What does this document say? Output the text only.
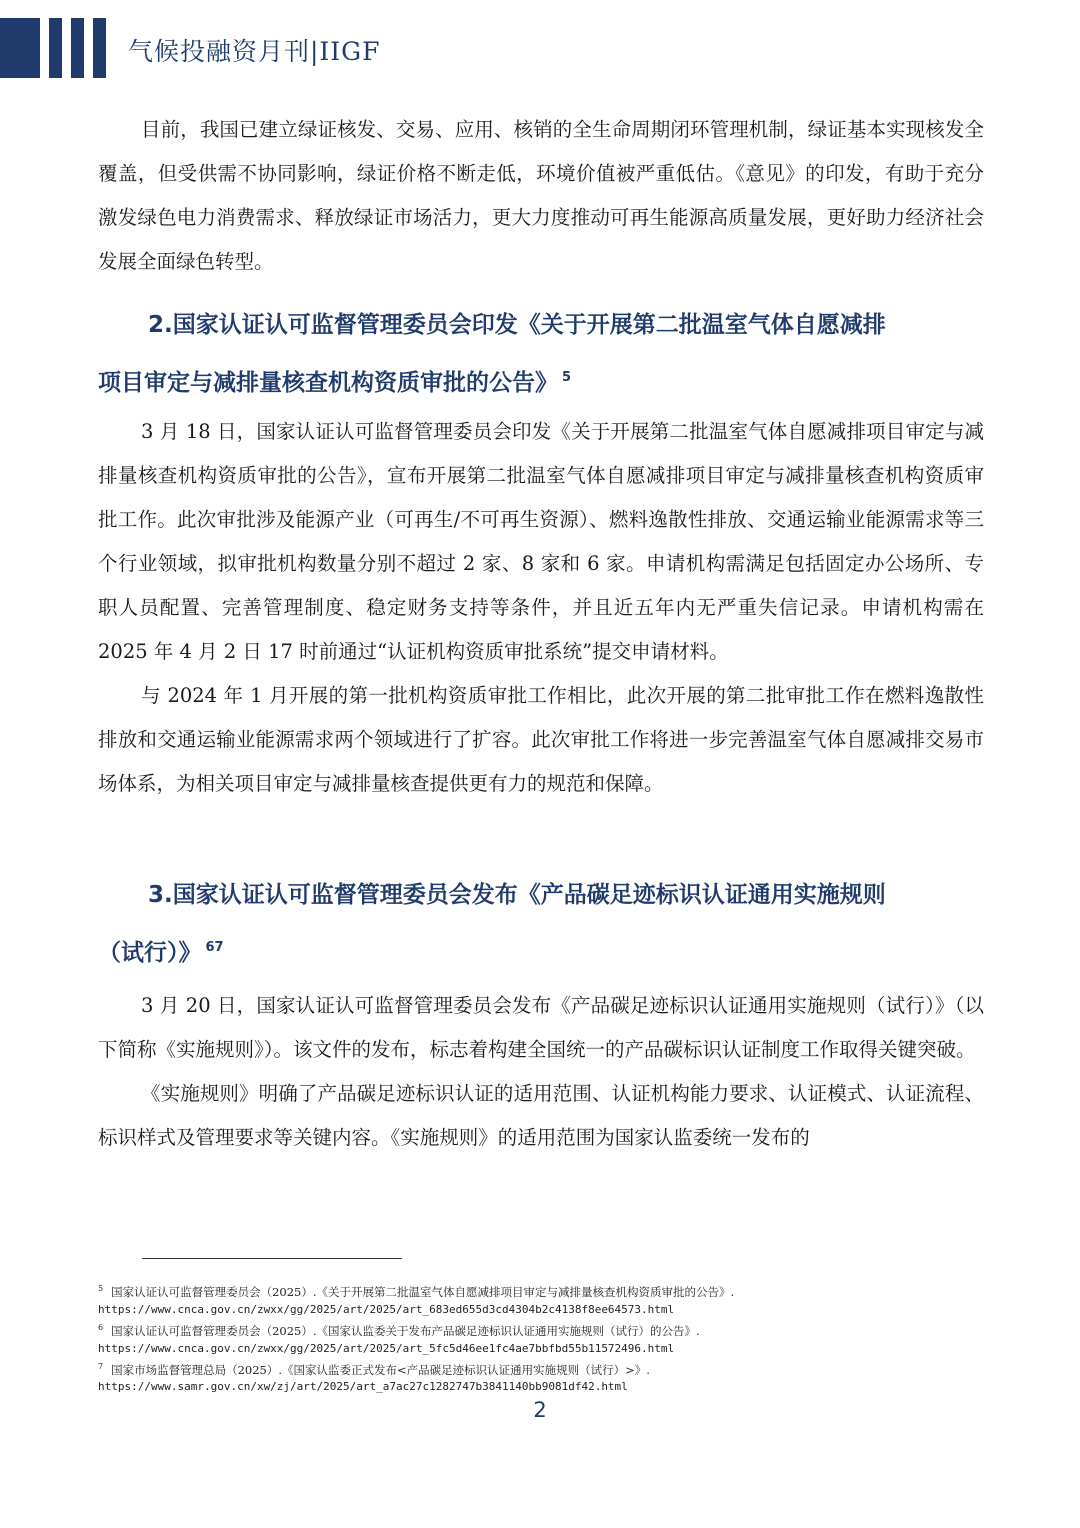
气候投融资月刊|IIGF

目前，我国已建立绿证核发、交易、应用、核销的全生命周期闭环管理机制，绿证基本实现核发全覆盖，但受供需不协同影响，绿证价格不断走低，环境价值被严重低估。《意见》的印发，有助于充分激发绿色电力消费需求、释放绿证市场活力，更大力度推动可再生能源高质量发展，更好助力经济社会发展全面绿色转型。

2.国家认证认可监督管理委员会印发《关于开展第二批温室气体自愿减排

项目审定与减排量核查机构资质审批的公告》 $^5$

3 月 18 日，国家认证认可监督管理委员会印发《关于开展第二批温室气体自愿减排项目审定与减排量核查机构资质审批的公告》，宣布开展第二批温室气体自愿减排项目审定与减排量核查机构资质审批工作。此次审批涉及能源产业（可再生/不可再生资源）、燃料逸散性排放、交通运输业能源需求等三个行业领域，拟审批机构数量分别不超过 2 家、8 家和 6 家。申请机构需满足包括固定办公场所、专职人员配置、完善管理制度、稳定财务支持等条件，并且近五年内无严重失信记录。申请机构需在 2025 年 4 月 2 日 17 时前通过“认证机构资质审批系统”提交申请材料。

与 2024 年 1 月开展的第一批机构资质审批工作相比，此次开展的第二批审批工作在燃料逸散性排放和交通运输业能源需求两个领域进行了扩容。此次审批工作将进一步完善温室气体自愿减排交易市场体系，为相关项目审定与减排量核查提供更有力的规范和保障。

3.国家认证认可监督管理委员会发布《产品碳足迹标识认证通用实施规则

（试行）》 $^{67}$

3 月 20 日，国家认证认可监督管理委员会发布《产品碳足迹标识认证通用实施规则（试行）》（以下简称《实施规则》）。该文件的发布，标志着构建全国统一的产品碳标识认证制度工作取得关键突破。

《实施规则》明确了产品碳足迹标识认证的适用范围、认证机构能力要求、认证模式、认证流程、标识样式及管理要求等关键内容。《实施规则》的适用范围为国家认监委统一发布的

$^5$ 国家认证认可监督管理委员会（2025）.《关于开展第二批温室气体自愿减排项目审定与减排量核查机构资质审批的公告》.
https://www.cnca.gov.cn/zwxx/gg/2025/art/2025/art_683ed655d3cd4304b2c4138f8ee64573.html
$^6$ 国家认证认可监督管理委员会（2025）.《国家认监委关于发布产品碳足迹标识认证通用实施规则（试行）的公告》.
https://www.cnca.gov.cn/zwxx/gg/2025/art/2025/art_5fc5d46ee1fc4ae7bbfbd55b11572496.html
$^7$ 国家市场监督管理总局（2025）.《国家认监委正式发布<产品碳足迹标识认证通用实施规则（试行）>》.
https://www.samr.gov.cn/xw/zj/art/2025/art_a7ac27c1282747b3841140bb9081df42.html
2
